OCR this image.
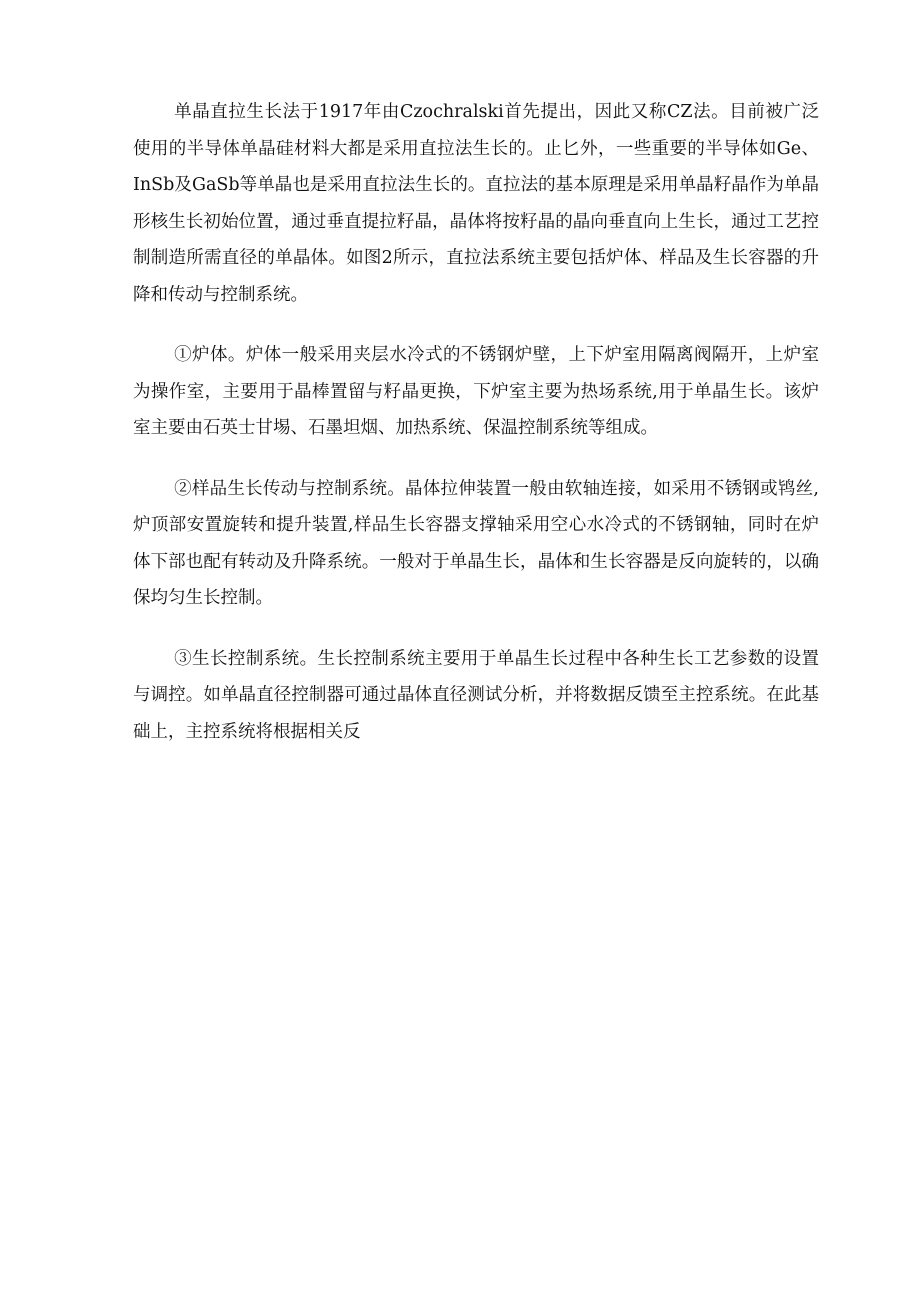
单晶直拉生长法于1917年由Czochralski首先提出，因此又称CZ法。目前被广泛使用的半导体单晶硅材料大都是采用直拉法生长的。止匕外，一些重要的半导体如Ge、InSb及GaSb等单晶也是采用直拉法生长的。直拉法的基本原理是采用单晶籽晶作为单晶形核生长初始位置，通过垂直提拉籽晶，晶体将按籽晶的晶向垂直向上生长，通过工艺控制制造所需直径的单晶体。如图2所示，直拉法系统主要包括炉体、样品及生长容器的升降和传动与控制系统。

①炉体。炉体一般采用夹层水冷式的不锈钢炉壁，上下炉室用隔离阀隔开，上炉室为操作室，主要用于晶棒置留与籽晶更换，下炉室主要为热场系统,用于单晶生长。该炉室主要由石英士甘埸、石墨坦烟、加热系统、保温控制系统等组成。

②样品生长传动与控制系统。晶体拉伸装置一般由软轴连接，如采用不锈钢或鸨丝,炉顶部安置旋转和提升装置,样品生长容器支撑轴采用空心水冷式的不锈钢轴，同时在炉体下部也配有转动及升降系统。一般对于单晶生长，晶体和生长容器是反向旋转的，以确保均匀生长控制。

③生长控制系统。生长控制系统主要用于单晶生长过程中各种生长工艺参数的设置与调控。如单晶直径控制器可通过晶体直径测试分析，并将数据反馈至主控系统。在此基础上，主控系统将根据相关反
